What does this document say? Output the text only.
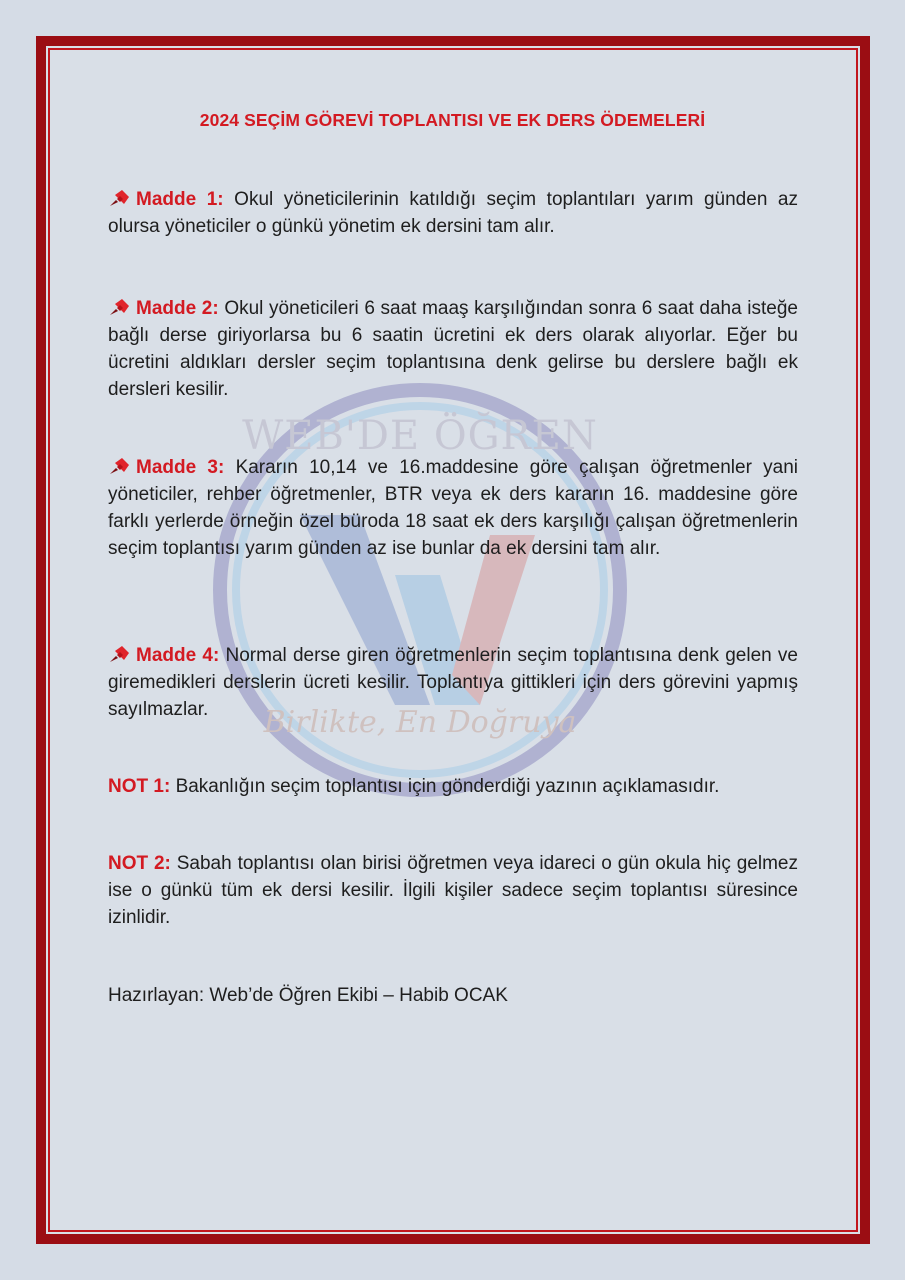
WEB'DE ÖĞREN
Birlikte, En Doğruya
2024 SEÇİM GÖREVİ TOPLANTISI VE EK DERS ÖDEMELERİ
Madde 1: Okul yöneticilerinin katıldığı seçim toplantıları yarım günden az olursa yöneticiler o günkü yönetim ek dersini tam alır.
Madde 2: Okul yöneticileri 6 saat maaş karşılığından sonra 6 saat daha isteğe bağlı derse giriyorlarsa bu 6 saatin ücretini ek ders olarak alıyorlar. Eğer bu ücretini aldıkları dersler seçim toplantısına denk gelirse bu derslere bağlı ek dersleri kesilir.
Madde 3: Kararın 10,14 ve 16.maddesine göre çalışan öğretmenler yani yöneticiler, rehber öğretmenler, BTR veya ek ders kararın 16. maddesine göre farklı yerlerde örneğin özel büroda 18 saat ek ders karşılığı çalışan öğretmenlerin seçim toplantısı yarım günden az ise bunlar da ek dersini tam alır.
Madde 4: Normal derse giren öğretmenlerin seçim toplantısına denk gelen ve giremedikleri derslerin ücreti kesilir. Toplantıya gittikleri için ders görevini yapmış sayılmazlar.
NOT 1: Bakanlığın seçim toplantısı için gönderdiği yazının açıklamasıdır.
NOT 2: Sabah toplantısı olan birisi öğretmen veya idareci o gün okula hiç gelmez ise o günkü tüm ek dersi kesilir. İlgili kişiler sadece seçim toplantısı süresince izinlidir.
Hazırlayan: Web’de Öğren Ekibi – Habib OCAK
